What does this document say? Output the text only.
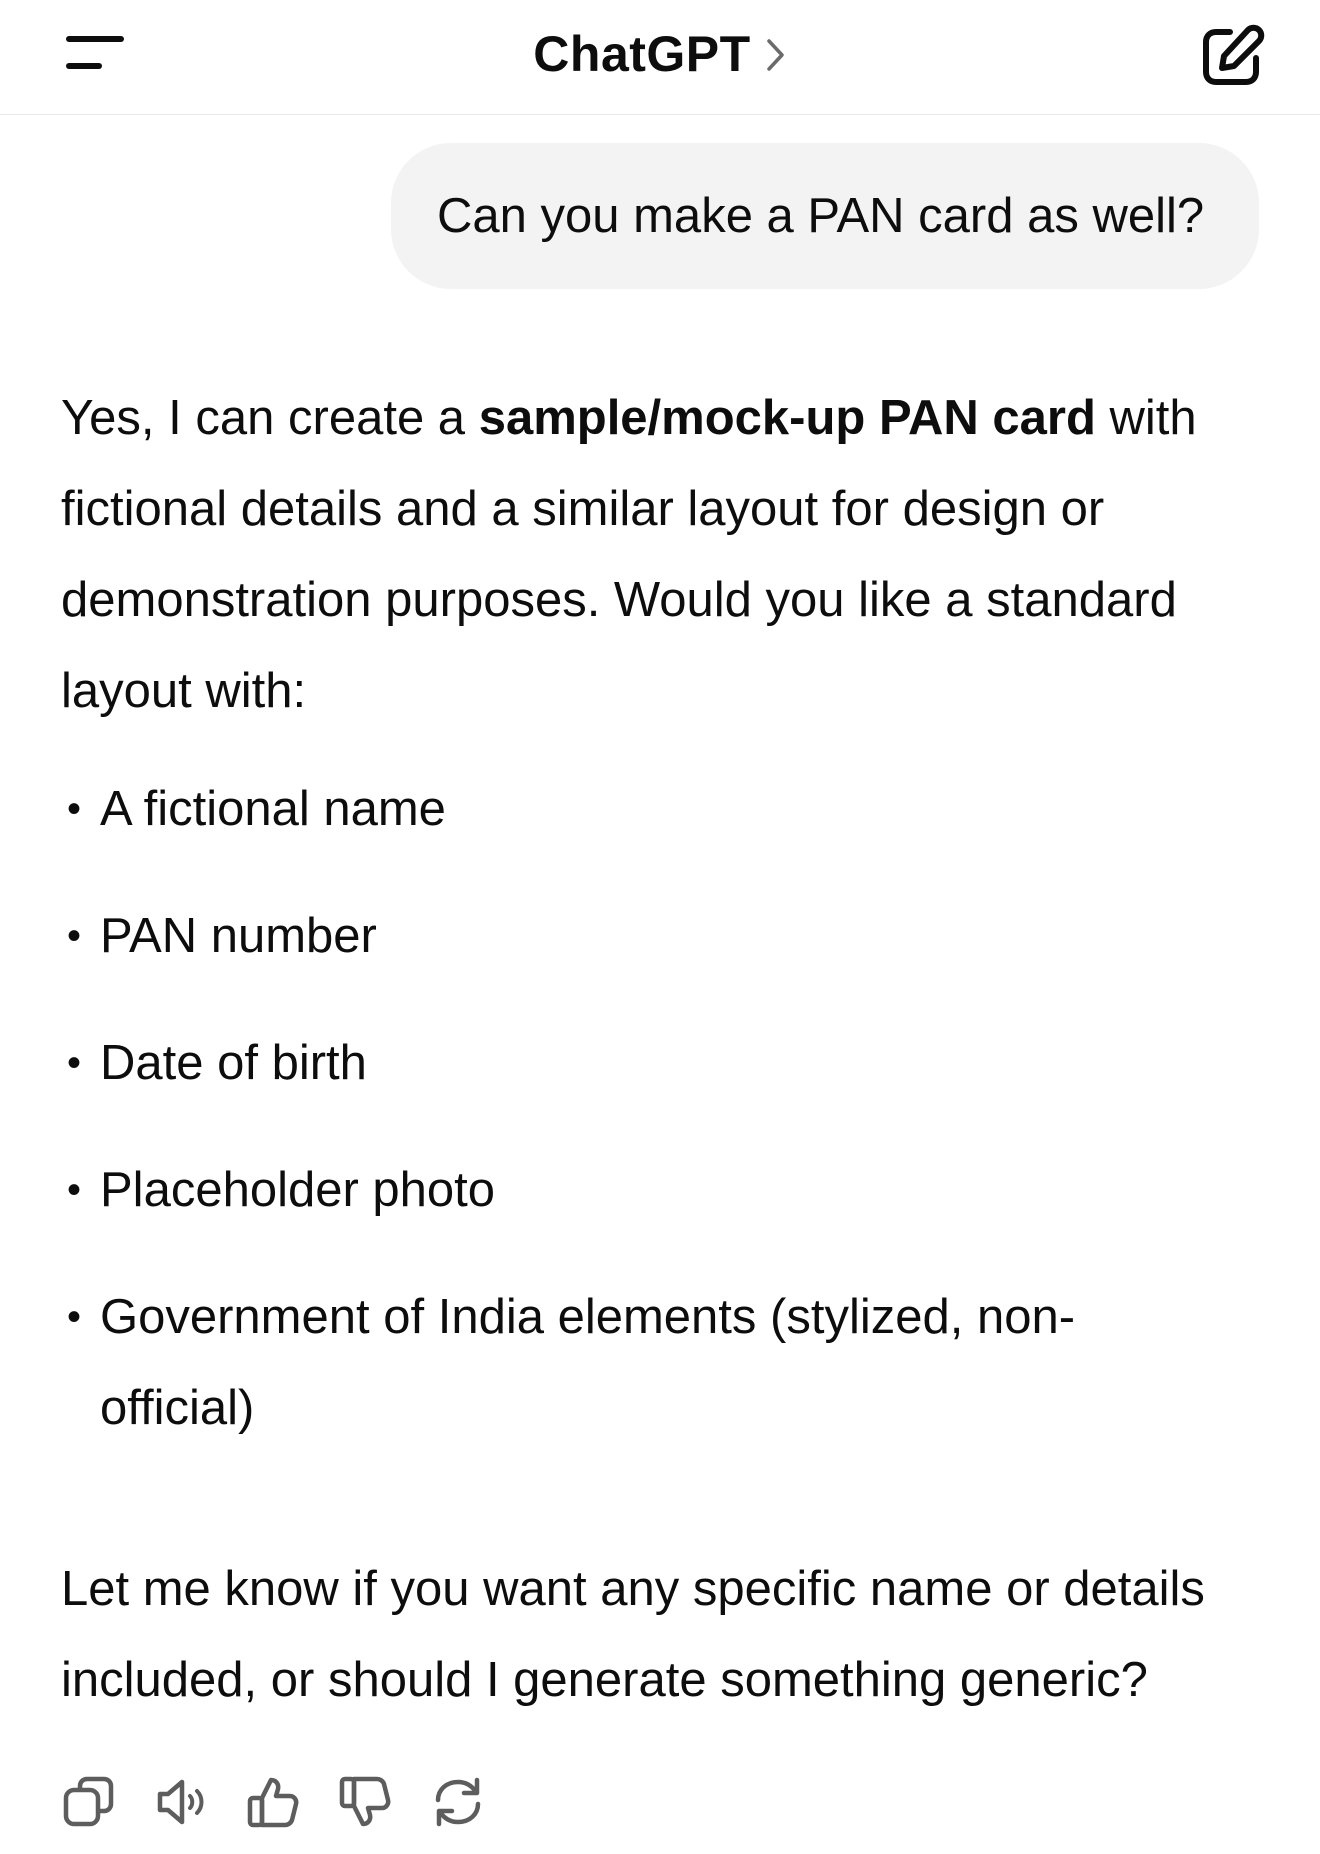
ChatGPT
Can you make a PAN card as well?

Yes, I can create a sample/mock-up PAN card with fictional details and a similar layout for design or demonstration purposes. Would you like a standard layout with:

• A fictional name
• PAN number
• Date of birth
• Placeholder photo
• Government of India elements (stylized, non-official)

Let me know if you want any specific name or details included, or should I generate something generic?
